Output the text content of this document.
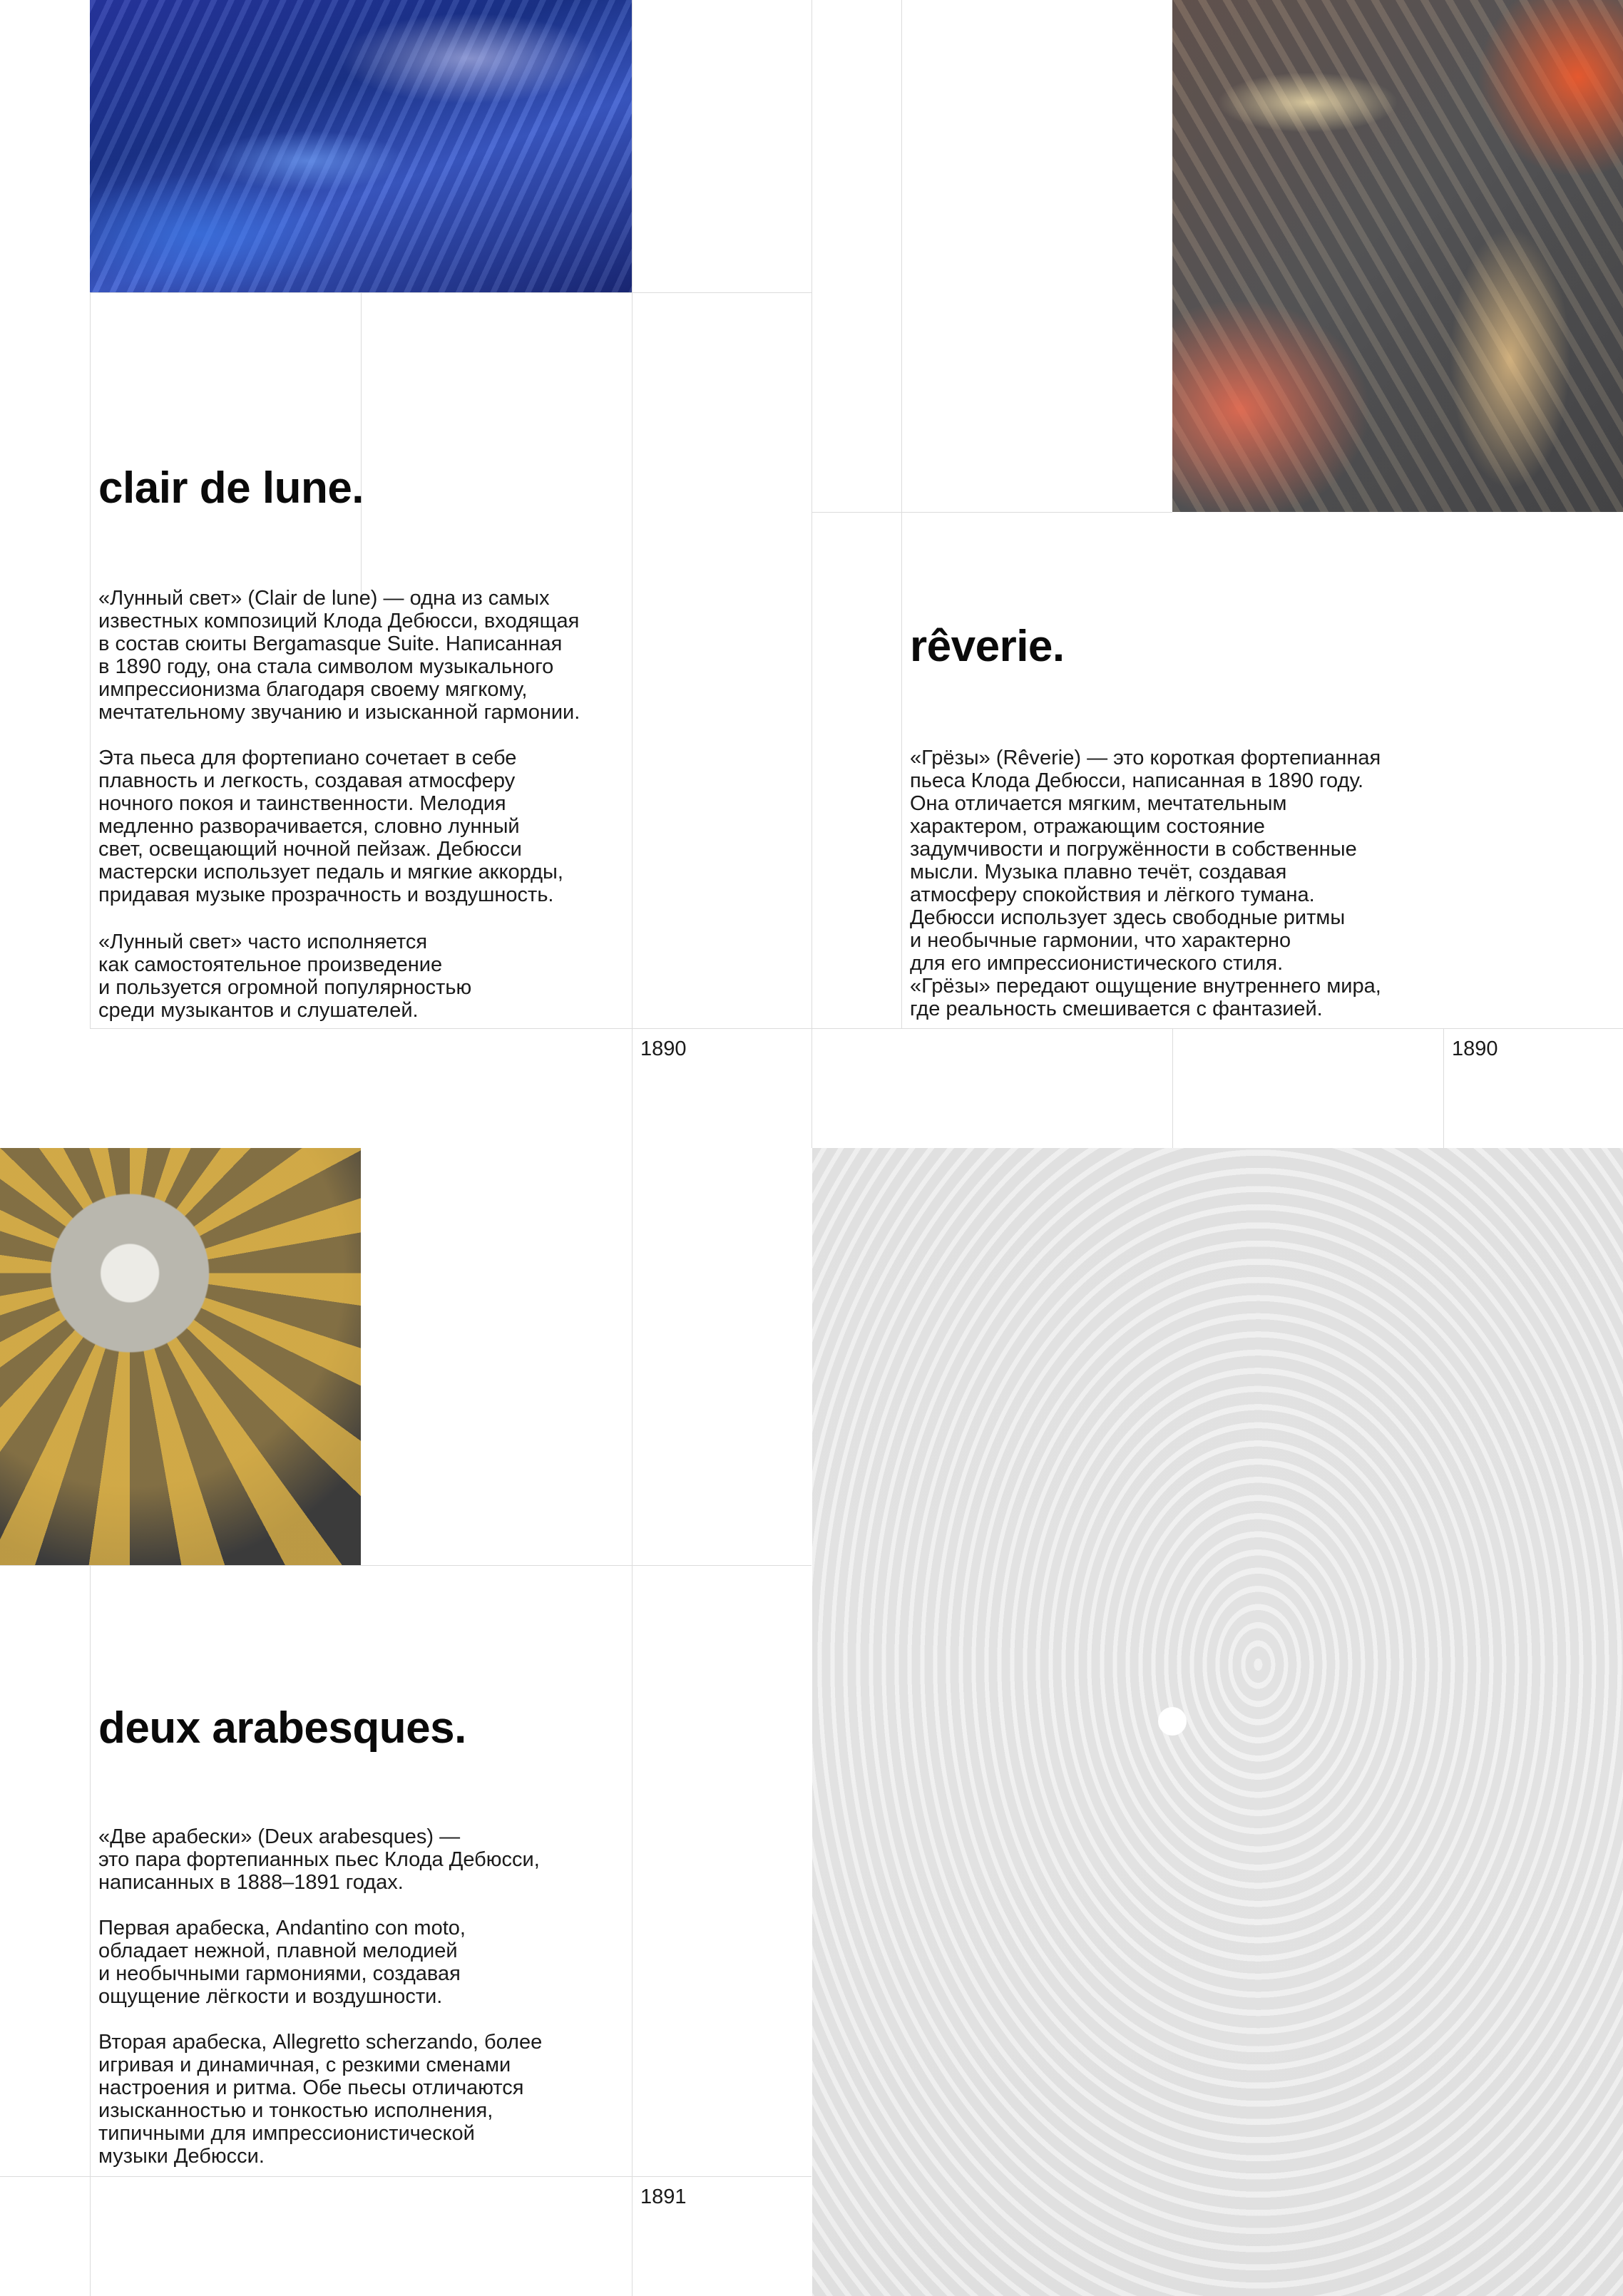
clair de lune.

«Лунный свет» (Clair de lune) — одна из самых
известных композиций Клода Дебюсси, входящая
в состав сюиты Bergamasque Suite. Написанная
в 1890 году, она стала символом музыкального
импрессионизма благодаря своему мягкому,
мечтательному звучанию и изысканной гармонии.

Эта пьеса для фортепиано сочетает в себе
плавность и легкость, создавая атмосферу
ночного покоя и таинственности. Мелодия
медленно разворачивается, словно лунный
свет, освещающий ночной пейзаж. Дебюсси
мастерски использует педаль и мягкие аккорды,
придавая музыке прозрачность и воздушность.

«Лунный свет» часто исполняется
как самостоятельное произведение
и пользуется огромной популярностью
среди музыкантов и слушателей.

1890
rêverie.

«Грёзы» (Rêverie) — это короткая фортепианная
пьеса Клода Дебюсси, написанная в 1890 году.
Она отличается мягким, мечтательным
характером, отражающим состояние
задумчивости и погружённости в собственные
мысли. Музыка плавно течёт, создавая
атмосферу спокойствия и лёгкого тумана.
Дебюсси использует здесь свободные ритмы
и необычные гармонии, что характерно
для его импрессионистического стиля.
«Грёзы» передают ощущение внутреннего мира,
где реальность смешивается с фантазией.

1890
deux arabesques.

«Две арабески» (Deux arabesques) —
это пара фортепианных пьес Клода Дебюсси,
написанных в 1888–1891 годах.

Первая арабеска, Andantino con moto,
обладает нежной, плавной мелодией
и необычными гармониями, создавая
ощущение лёгкости и воздушности.

Вторая арабеска, Allegretto scherzando, более
игривая и динамичная, с резкими сменами
настроения и ритма. Обе пьесы отличаются
изысканностью и тонкостью исполнения,
типичными для импрессионистической
музыки Дебюсси.

1891
